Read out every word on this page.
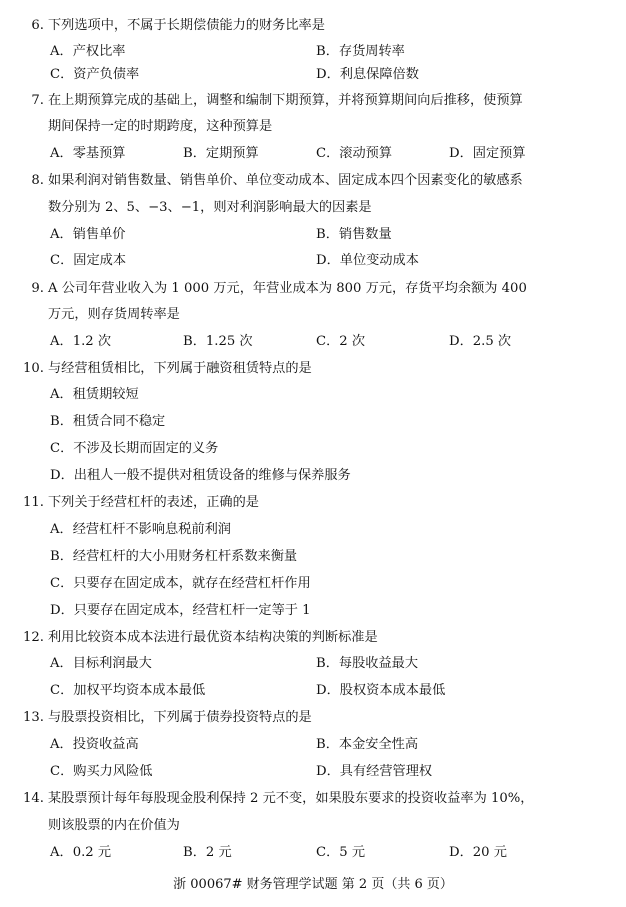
6. 下列选项中，不属于长期偿债能力的财务比率是
A．产权比率	B．存货周转率
C．资产负债率	D．利息保障倍数
7. 在上期预算完成的基础上，调整和编制下期预算，并将预算期间向后推移，使预算
期间保持一定的时期跨度，这种预算是
A．零基预算	B．定期预算	C．滚动预算	D．固定预算
8. 如果利润对销售数量、销售单价、单位变动成本、固定成本四个因素变化的敏感系
数分别为 2、5、−3、−1，则对利润影响最大的因素是
A．销售单价	B．销售数量
C．固定成本	D．单位变动成本
9. A 公司年营业收入为 1 000 万元，年营业成本为 800 万元，存货平均余额为 400
万元，则存货周转率是
A．1.2 次	B．1.25 次	C．2 次	D．2.5 次
10. 与经营租赁相比，下列属于融资租赁特点的是
A．租赁期较短
B．租赁合同不稳定
C．不涉及长期而固定的义务
D．出租人一般不提供对租赁设备的维修与保养服务
11. 下列关于经营杠杆的表述，正确的是
A．经营杠杆不影响息税前利润
B．经营杠杆的大小用财务杠杆系数来衡量
C．只要存在固定成本，就存在经营杠杆作用
D．只要存在固定成本，经营杠杆一定等于 1
12. 利用比较资本成本法进行最优资本结构决策的判断标准是
A．目标利润最大	B．每股收益最大
C．加权平均资本成本最低	D．股权资本成本最低
13. 与股票投资相比，下列属于债券投资特点的是
A．投资收益高	B．本金安全性高
C．购买力风险低	D．具有经营管理权
14. 某股票预计每年每股现金股利保持 2 元不变，如果股东要求的投资收益率为 10%，
则该股票的内在价值为
A．0.2 元	B．2 元	C．5 元	D．20 元
浙 00067# 财务管理学试题 第 2 页（共 6 页）
